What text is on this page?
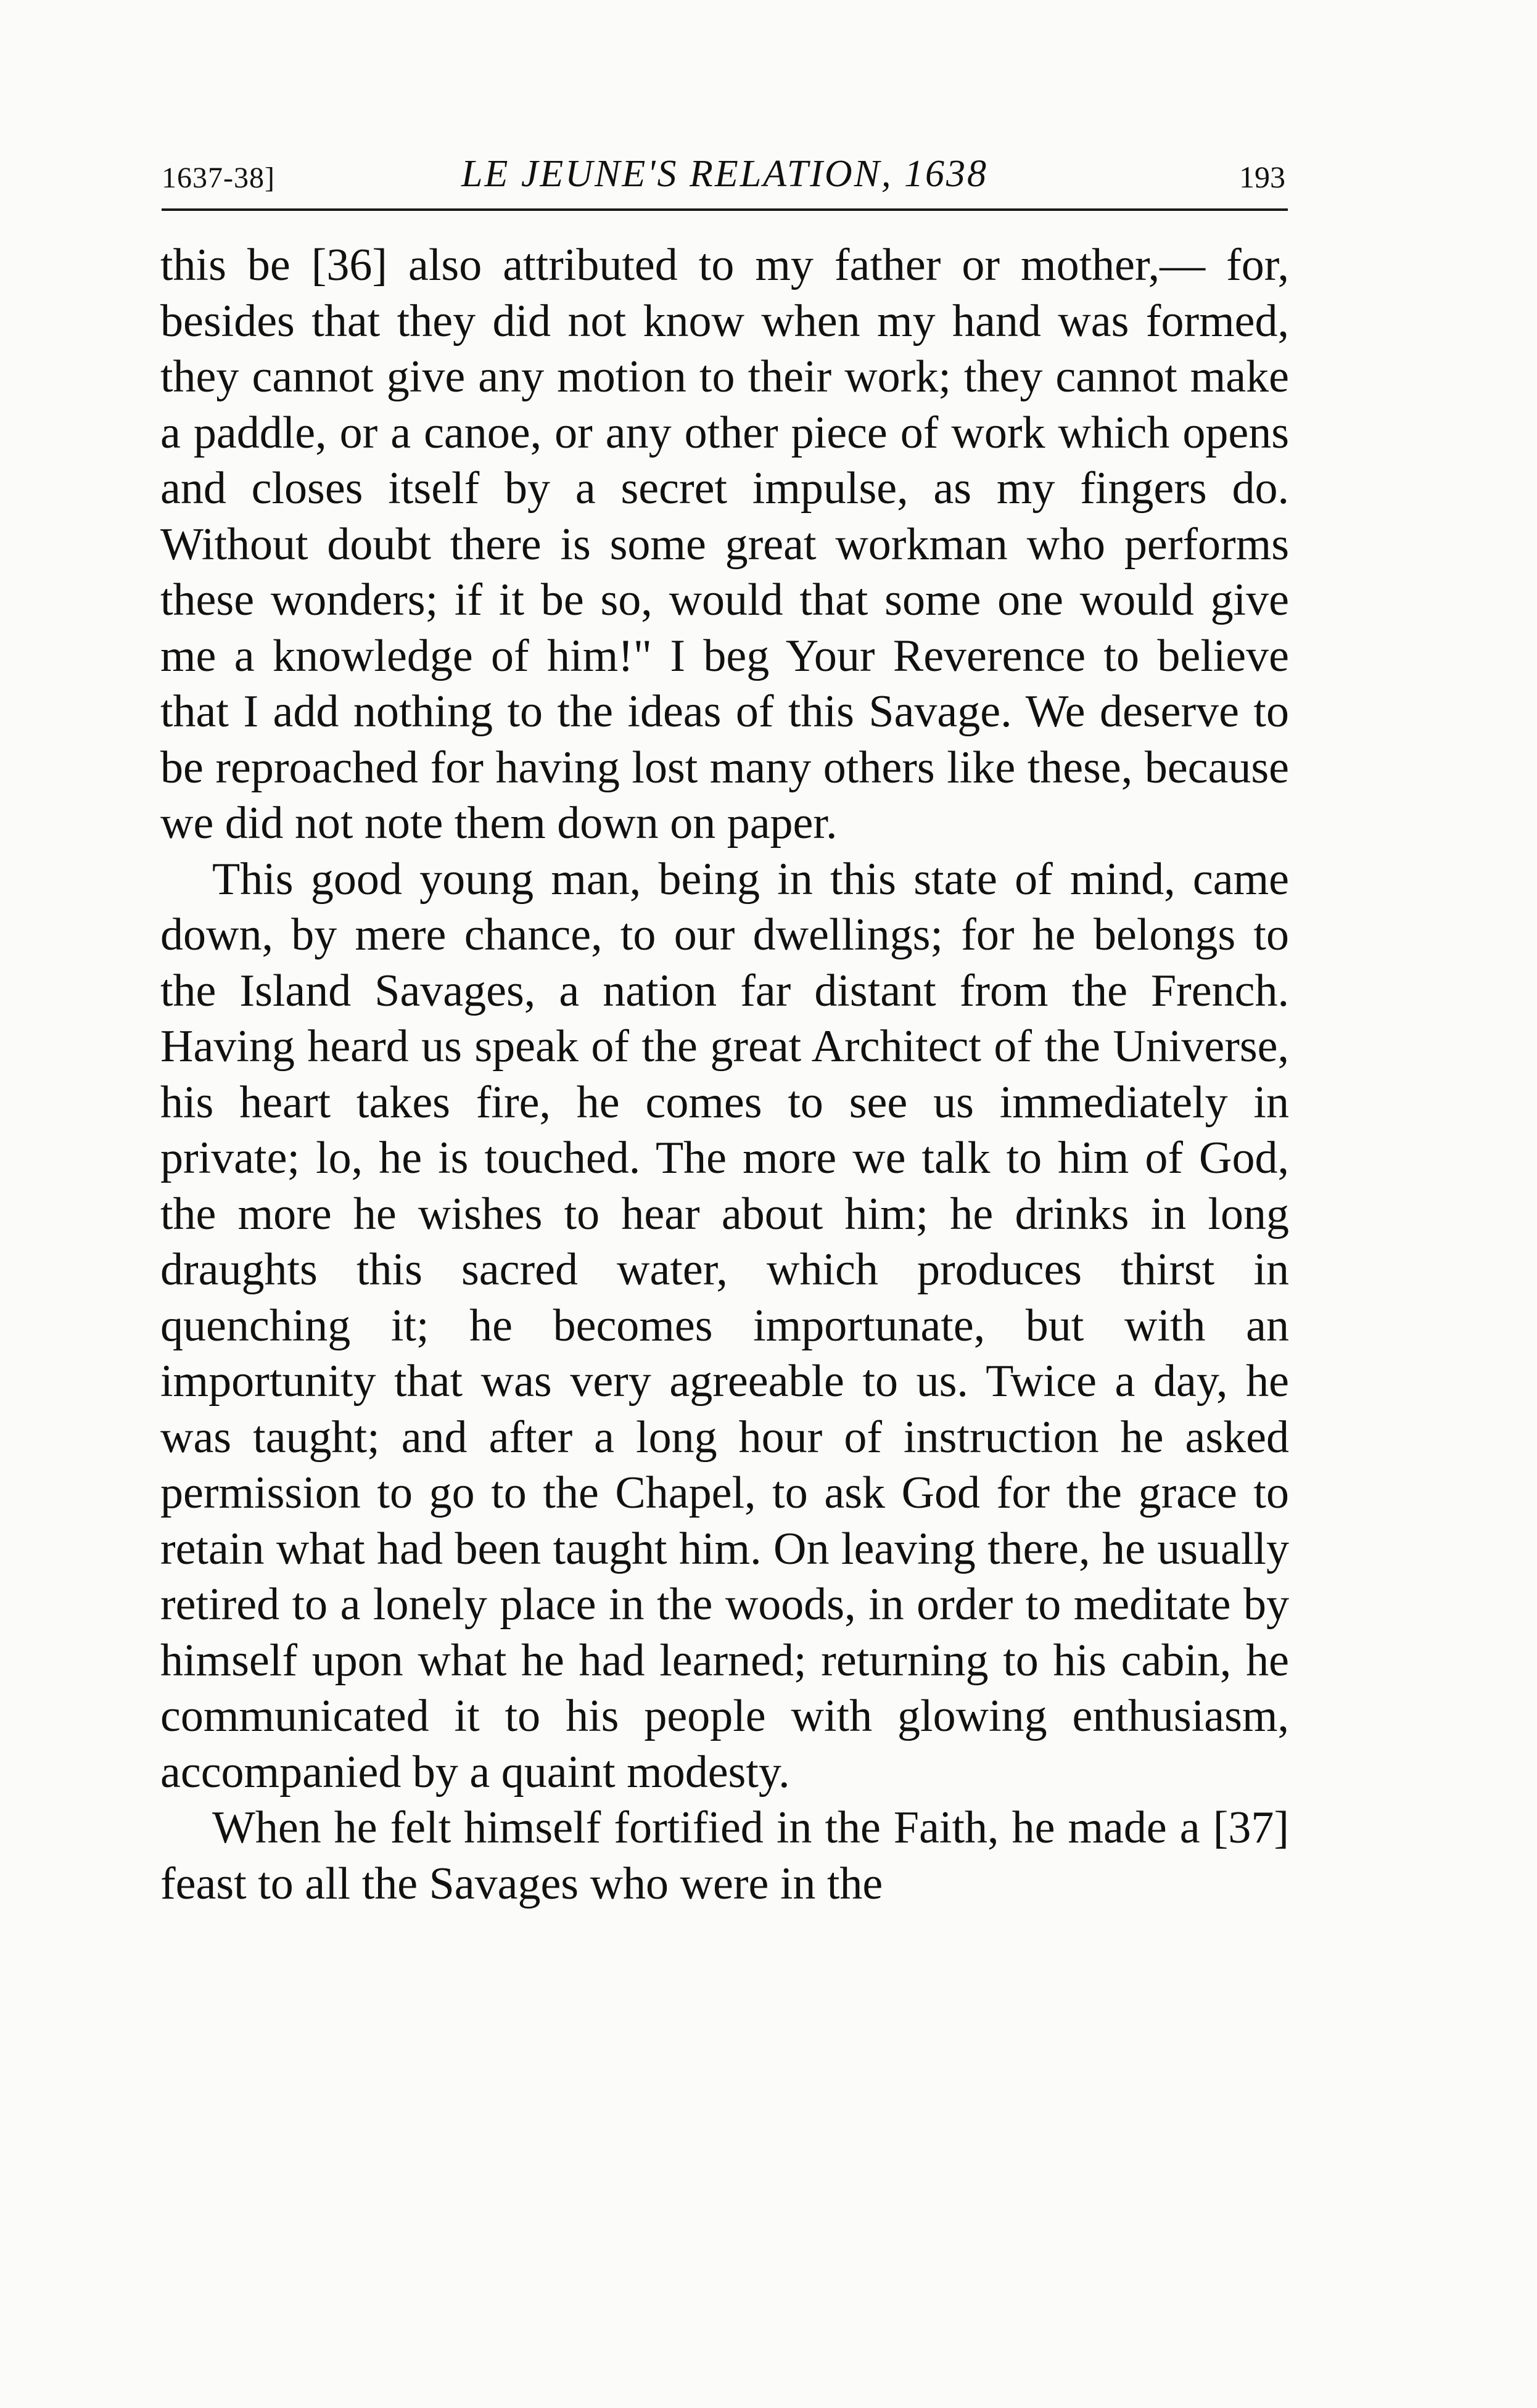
1637-38]	LE JEUNE'S RELATION, 1638	193

this be [36] also attributed to my father or mother,— for, besides that they did not know when my hand was formed, they cannot give any motion to their work; they cannot make a paddle, or a canoe, or any other piece of work which opens and closes itself by a secret impulse, as my fingers do. Without doubt there is some great workman who performs these wonders; if it be so, would that some one would give me a knowledge of him!" I beg Your Reverence to believe that I add nothing to the ideas of this Savage. We deserve to be reproached for having lost many others like these, because we did not note them down on paper.

This good young man, being in this state of mind, came down, by mere chance, to our dwellings; for he belongs to the Island Savages, a nation far distant from the French. Having heard us speak of the great Architect of the Universe, his heart takes fire, he comes to see us immediately in private; lo, he is touched. The more we talk to him of God, the more he wishes to hear about him; he drinks in long draughts this sacred water, which produces thirst in quenching it; he becomes importunate, but with an importunity that was very agreeable to us. Twice a day, he was taught; and after a long hour of instruction he asked permission to go to the Chapel, to ask God for the grace to retain what had been taught him. On leaving there, he usually retired to a lonely place in the woods, in order to meditate by himself upon what he had learned; returning to his cabin, he communicated it to his people with glowing enthusiasm, accompanied by a quaint modesty.

When he felt himself fortified in the Faith, he made a [37] feast to all the Savages who were in the
